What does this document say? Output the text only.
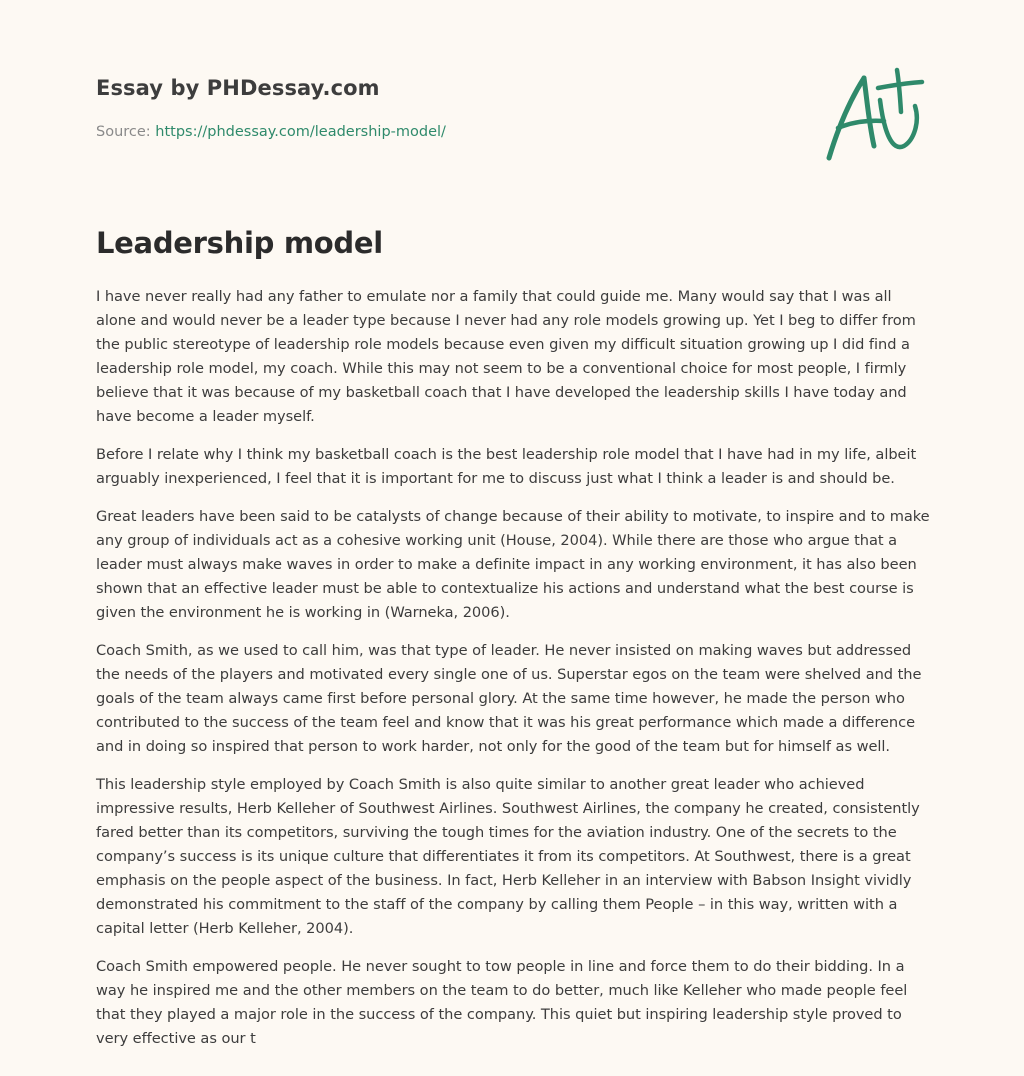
Essay by PHDessay.com
Source: https://phdessay.com/leadership-model/
Leadership model

I have never really had any father to emulate nor a family that could guide me. Many would say that I was all alone and would never be a leader type because I never had any role models growing up. Yet I beg to differ from the public stereotype of leadership role models because even given my difficult situation growing up I did find a leadership role model, my coach. While this may not seem to be a conventional choice for most people, I firmly believe that it was because of my basketball coach that I have developed the leadership skills I have today and have become a leader myself.

Before I relate why I think my basketball coach is the best leadership role model that I have had in my life, albeit arguably inexperienced, I feel that it is important for me to discuss just what I think a leader is and should be.

Great leaders have been said to be catalysts of change because of their ability to motivate, to inspire and to make any group of individuals act as a cohesive working unit (House, 2004). While there are those who argue that a leader must always make waves in order to make a definite impact in any working environment, it has also been shown that an effective leader must be able to contextualize his actions and understand what the best course is given the environment he is working in (Warneka, 2006).

Coach Smith, as we used to call him, was that type of leader. He never insisted on making waves but addressed the needs of the players and motivated every single one of us. Superstar egos on the team were shelved and the goals of the team always came first before personal glory. At the same time however, he made the person who contributed to the success of the team feel and know that it was his great performance which made a difference and in doing so inspired that person to work harder, not only for the good of the team but for himself as well.

This leadership style employed by Coach Smith is also quite similar to another great leader who achieved impressive results, Herb Kelleher of Southwest Airlines. Southwest Airlines, the company he created, consistently fared better than its competitors, surviving the tough times for the aviation industry. One of the secrets to the company’s success is its unique culture that differentiates it from its competitors. At Southwest, there is a great emphasis on the people aspect of the business. In fact, Herb Kelleher in an interview with Babson Insight vividly demonstrated his commitment to the staff of the company by calling them People – in this way, written with a capital letter (Herb Kelleher, 2004).

Coach Smith empowered people. He never sought to tow people in line and force them to do their bidding. In a way he inspired me and the other members on the team to do better, much like Kelleher who made people feel that they played a major role in the success of the company. This quiet but inspiring leadership style proved to very effective as our t
